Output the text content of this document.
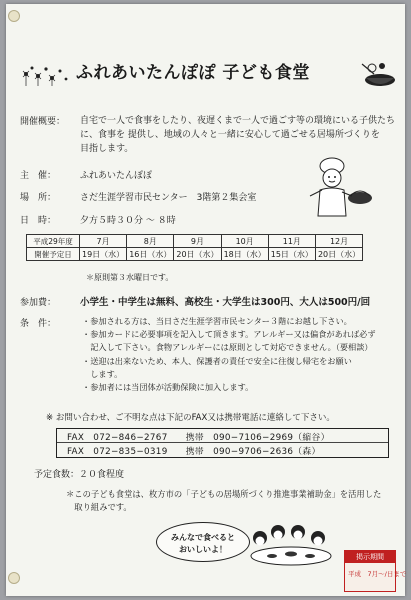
ふれあいたんぽぽ 子ども食堂
開催概要： 自宅で一人で食事をしたり、夜遅くまで一人で過ごす等の環境にいる子供たち
に、食事を 提供し、地域の人々と一緒に安心して過ごせる居場所づくりを
目指します。
主　催：	ふれあいたんぽぽ
場　所：	さだ生涯学習市民センター　3階第２集会室
日　時：	夕方５時３０分 〜 ８時
平成29年度	7月	8月	9月	10月	11月	12月
開催予定日	19日（水）	16日（水）	20日（水）	18日（水）	15日（水）	20日（水）
＊原則第３水曜日です。
参加費：	小学生・中学生は無料、高校生・大学生は300円、大人は500円/回
条　件：	・参加される方は、当日さだ生涯学習市民センター３階にお越し下さい。
・参加カードに必要事項を記入して頂きます。アレルギー又は偏食があれば必ず
　記入して下さい。食物アレルギーには原則として対応できません。（要相談）
・送迎は出来ないため、本人、保護者の責任で安全に往復し帰宅をお願い
　します。
・参加者には当団体が活動保険に加入します。
※ お問い合わせ、ご不明な点は下記のFAX又は携帯電話に連絡して下さい。
FAX　072−846−2767　　携帯　090−7106−2969（縮谷）
FAX　072−835−0319　　携帯　090−9706−2636（森）
予定食数：２０食程度
＊この子ども食堂は、枚方市の「子どもの居場所づくり推進事業補助金」を活用した
　取り組みです。
みんなで食べると
おいしいよ！
掲示期間
平成　7月〜/日まで
